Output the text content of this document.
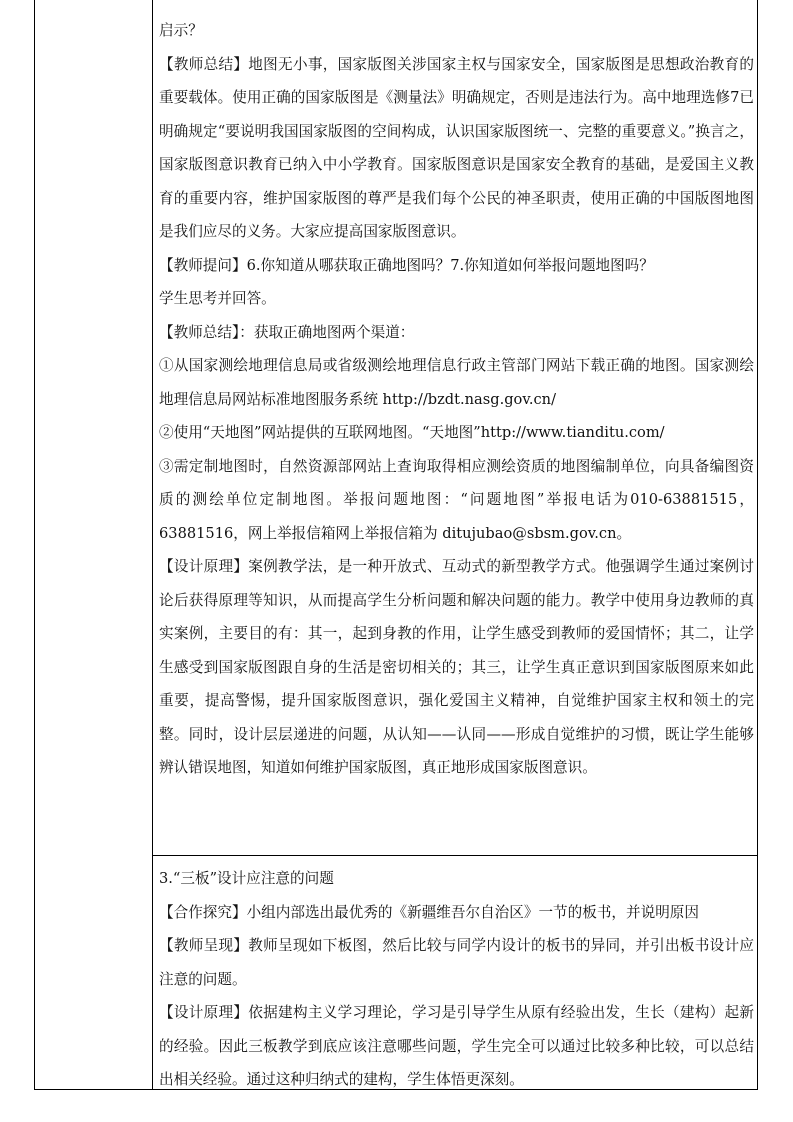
启示？

【教师总结】地图无小事，国家版图关涉国家主权与国家安全，国家版图是思想政治教育的重要载体。使用正确的国家版图是《测量法》明确规定，否则是违法行为。高中地理选修7已明确规定“要说明我国国家版图的空间构成，认识国家版图统一、完整的重要意义。”换言之，国家版图意识教育已纳入中小学教育。国家版图意识是国家安全教育的基础，是爱国主义教育的重要内容，维护国家版图的尊严是我们每个公民的神圣职责，使用正确的中国版图地图是我们应尽的义务。大家应提高国家版图意识。

【教师提问】6.你知道从哪获取正确地图吗？7.你知道如何举报问题地图吗？

学生思考并回答。

【教师总结】：获取正确地图两个渠道：

①从国家测绘地理信息局或省级测绘地理信息行政主管部门网站下载正确的地图。国家测绘地理信息局网站标准地图服务系统 http://bzdt.nasg.gov.cn/

②使用“天地图”网站提供的互联网地图。“天地图”http://www.tianditu.com/

③需定制地图时，自然资源部网站上查询取得相应测绘资质的地图编制单位，向具备编图资质的测绘单位定制地图。举报问题地图：“问题地图”举报电话为010-63881515，63881516，网上举报信箱网上举报信箱为 ditujubao@sbsm.gov.cn。

【设计原理】案例教学法，是一种开放式、互动式的新型教学方式。他强调学生通过案例讨论后获得原理等知识，从而提高学生分析问题和解决问题的能力。教学中使用身边教师的真实案例，主要目的有：其一，起到身教的作用，让学生感受到教师的爱国情怀；其二，让学生感受到国家版图跟自身的生活是密切相关的；其三，让学生真正意识到国家版图原来如此重要，提高警惕，提升国家版图意识，强化爱国主义精神，自觉维护国家主权和领土的完整。同时，设计层层递进的问题，从认知——认同——形成自觉维护的习惯，既让学生能够辨认错误地图，知道如何维护国家版图，真正地形成国家版图意识。

3.“三板”设计应注意的问题

【合作探究】小组内部选出最优秀的《新疆维吾尔自治区》一节的板书，并说明原因

【教师呈现】教师呈现如下板图，然后比较与同学内设计的板书的异同，并引出板书设计应注意的问题。

【设计原理】依据建构主义学习理论，学习是引导学生从原有经验出发，生长（建构）起新的经验。因此三板教学到底应该注意哪些问题，学生完全可以通过比较多种比较，可以总结出相关经验。通过这种归纳式的建构，学生体悟更深刻。
